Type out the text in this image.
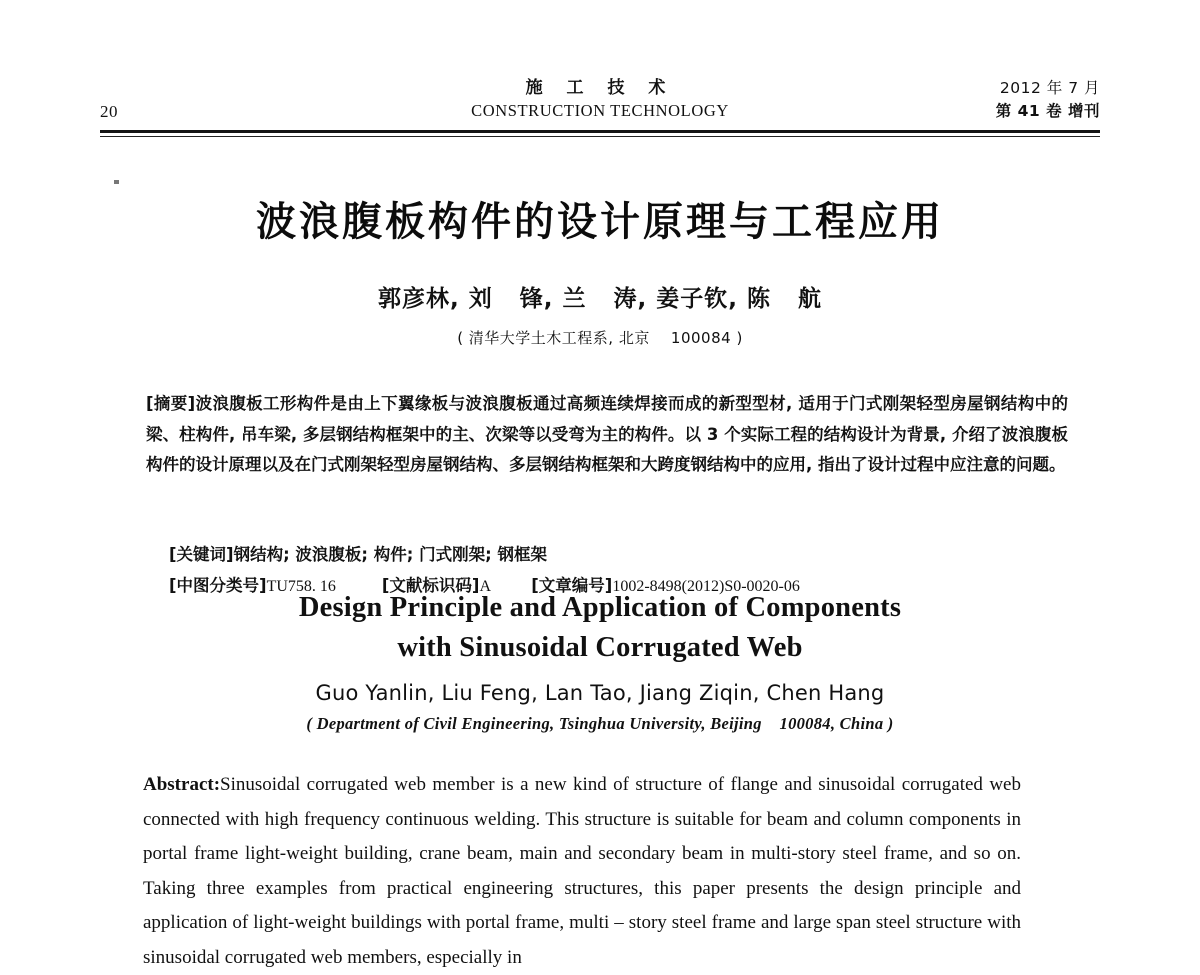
20
施 工 技 术
CONSTRUCTION TECHNOLOGY
2012 年 7 月
第 41 卷 增刊
波浪腹板构件的设计原理与工程应用
郭彦林, 刘   锋, 兰   涛, 姜子钦, 陈   航
( 清华大学土木工程系, 北京    100084 )
[摘要]波浪腹板工形构件是由上下翼缘板与波浪腹板通过高频连续焊接而成的新型型材, 适用于门式刚架轻型房屋钢结构中的梁、柱构件, 吊车梁, 多层钢结构框架中的主、次梁等以受弯为主的构件。以 3 个实际工程的结构设计为背景, 介绍了波浪腹板构件的设计原理以及在门式刚架轻型房屋钢结构、多层钢结构框架和大跨度钢结构中的应用, 指出了设计过程中应注意的问题。

[关键词]钢结构; 波浪腹板; 构件; 门式刚架; 钢框架

[中图分类号]TU758. 16	[文献标识码]A [文章编号]1002-8498(2012)S0-0020-06

Design Principle and Application of Components
with Sinusoidal Corrugated Web
Guo Yanlin, Liu Feng, Lan Tao, Jiang Ziqin, Chen Hang
( Department of Civil Engineering, Tsinghua University, Beijing    100084, China )

Abstract:Sinusoidal corrugated web member is a new kind of structure of flange and sinusoidal corrugated web connected with high frequency continuous welding. This structure is suitable for beam and column components in portal frame light-weight building, crane beam, main and secondary beam in multi-story steel frame, and so on. Taking three examples from practical engineering structures, this paper presents the design principle and application of light-weight buildings with portal frame, multi – story steel frame and large span steel structure with sinusoidal corrugated web members, especially in
